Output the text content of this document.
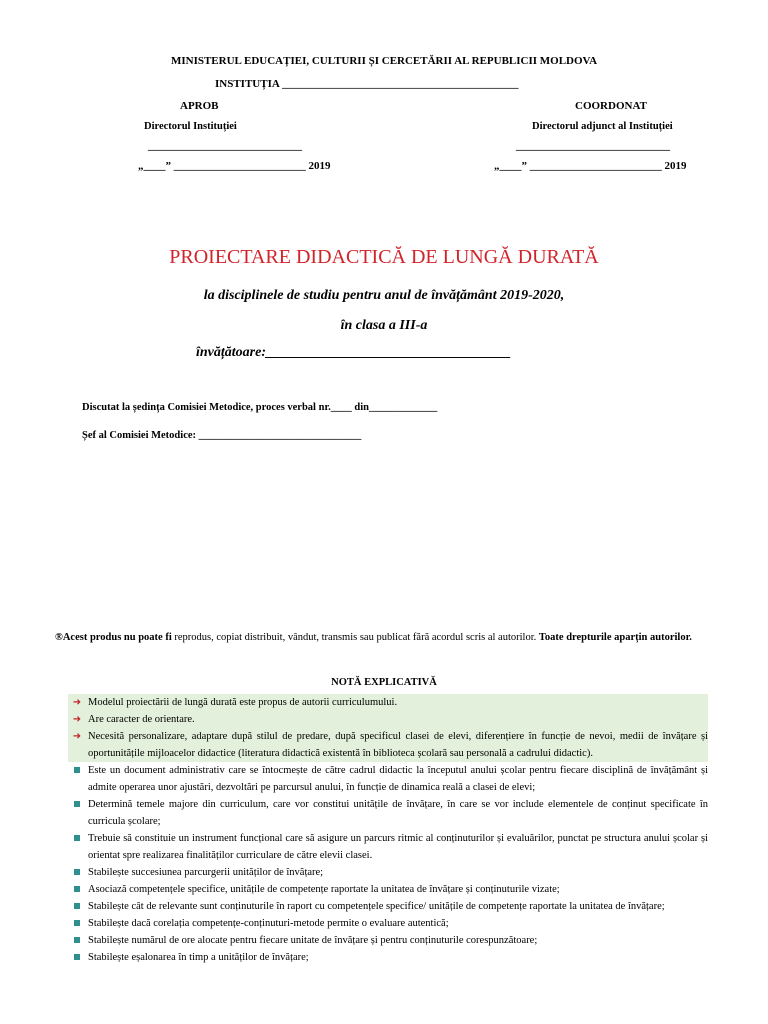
MINISTERUL EDUCAȚIEI, CULTURII ȘI CERCETĂRII AL REPUBLICII MOLDOVA
INSTITUȚIA ___________________________________________
APROB	COORDONAT
Directorul Instituției	Directorul adjunct al Instituției
____________________________	____________________________
„____” ________________________ 2019	„____” ________________________ 2019
PROIECTARE DIDACTICĂ DE LUNGĂ DURATĂ
la disciplinele de studiu pentru anul de învățământ 2019-2020,
în clasa a III-a
învățătoare:___________________________________
Discutat la ședința Comisiei Metodice, proces verbal nr.____ din_____________
Șef al Comisiei Metodice: _______________________________
®Acest produs nu poate fi reprodus, copiat distribuit, vândut, transmis sau publicat fără acordul scris al autorilor. Toate drepturile aparțin autorilor.
NOTĂ EXPLICATIVĂ
➜ Modelul proiectării de lungă durată este propus de autorii curriculumului.
➜ Are caracter de orientare.
➜ Necesită personalizare, adaptare după stilul de predare, după specificul clasei de elevi, diferențiere în funcție de nevoi, medii de învățare și oportunitățile mijloacelor didactice (literatura didactică existentă în biblioteca școlară sau personală a cadrului didactic).
Este un document administrativ care se întocmește de către cadrul didactic la începutul anului școlar pentru fiecare disciplină de învățământ și admite operarea unor ajustări, dezvoltări pe parcursul anului, în funcție de dinamica reală a clasei de elevi;
Determină temele majore din curriculum, care vor constitui unitățile de învățare, în care se vor include elementele de conținut specificate în curricula școlare;
Trebuie să constituie un instrument funcțional care să asigure un parcurs ritmic al conținuturilor și evaluărilor, punctat pe structura anului școlar și orientat spre realizarea finalităților curriculare de către elevii clasei.
Stabilește succesiunea parcurgerii unităților de învățare;
Asociază competențele specifice, unitățile de competențe raportate la unitatea de învățare și conținuturile vizate;
Stabilește cât de relevante sunt conținuturile în raport cu competențele specifice/ unitățile de competențe raportate la unitatea de învățare;
Stabilește dacă corelația competențe-conținuturi-metode permite o evaluare autentică;
Stabilește numărul de ore alocate pentru fiecare unitate de învățare și pentru conținuturile corespunzătoare;
Stabilește eșalonarea în timp a unităților de învățare;
